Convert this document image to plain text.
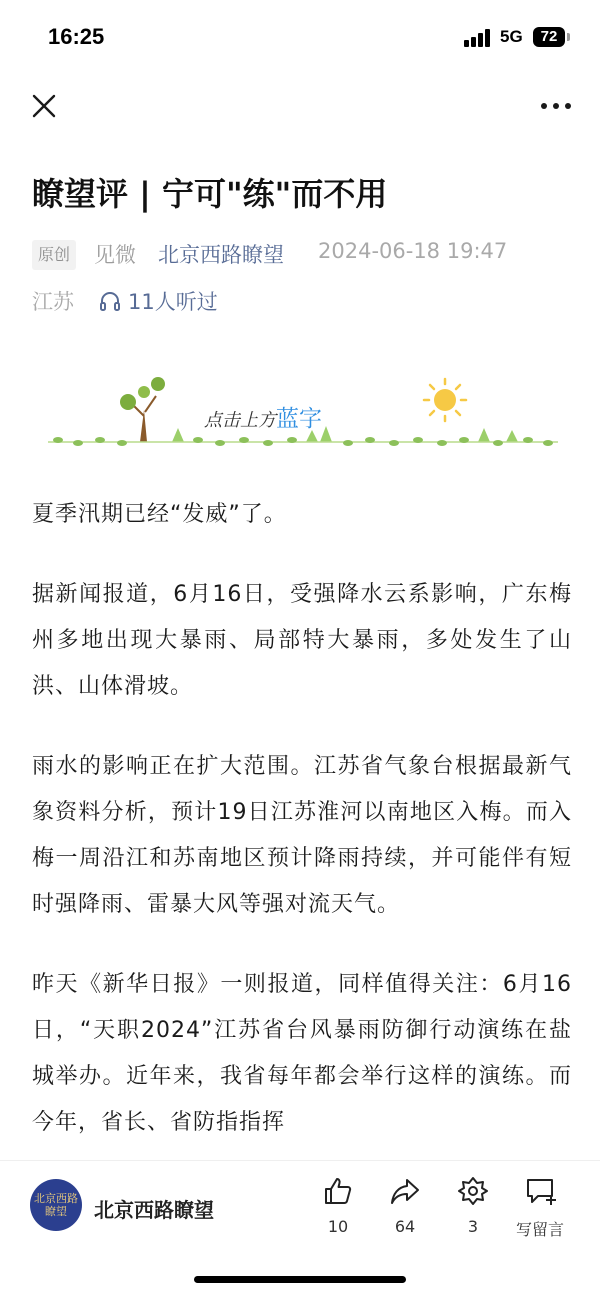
16:25	5G	72
瞭望评 | 宁可"练"而不用
原创 见微 北京西路瞭望 2024-06-18 19:47
江苏	11人听过
点击上方蓝字

夏季汛期已经“发威”了。

据新闻报道，6月16日，受强降水云系影响，广东梅州多地出现大暴雨、局部特大暴雨，多处发生了山洪、山体滑坡。

雨水的影响正在扩大范围。江苏省气象台根据最新气象资料分析，预计19日江苏淮河以南地区入梅。而入梅一周沿江和苏南地区预计降雨持续，并可能伴有短时强降雨、雷暴大风等强对流天气。

昨天《新华日报》一则报道，同样值得关注：6月16日，“天职2024”江苏省台风暴雨防御行动演练在盐城举办。近年来，我省每年都会举行这样的演练。而今年，省长、省防指指挥

北京西路 瞭望	北京西路瞭望
10	64	3	写留言
